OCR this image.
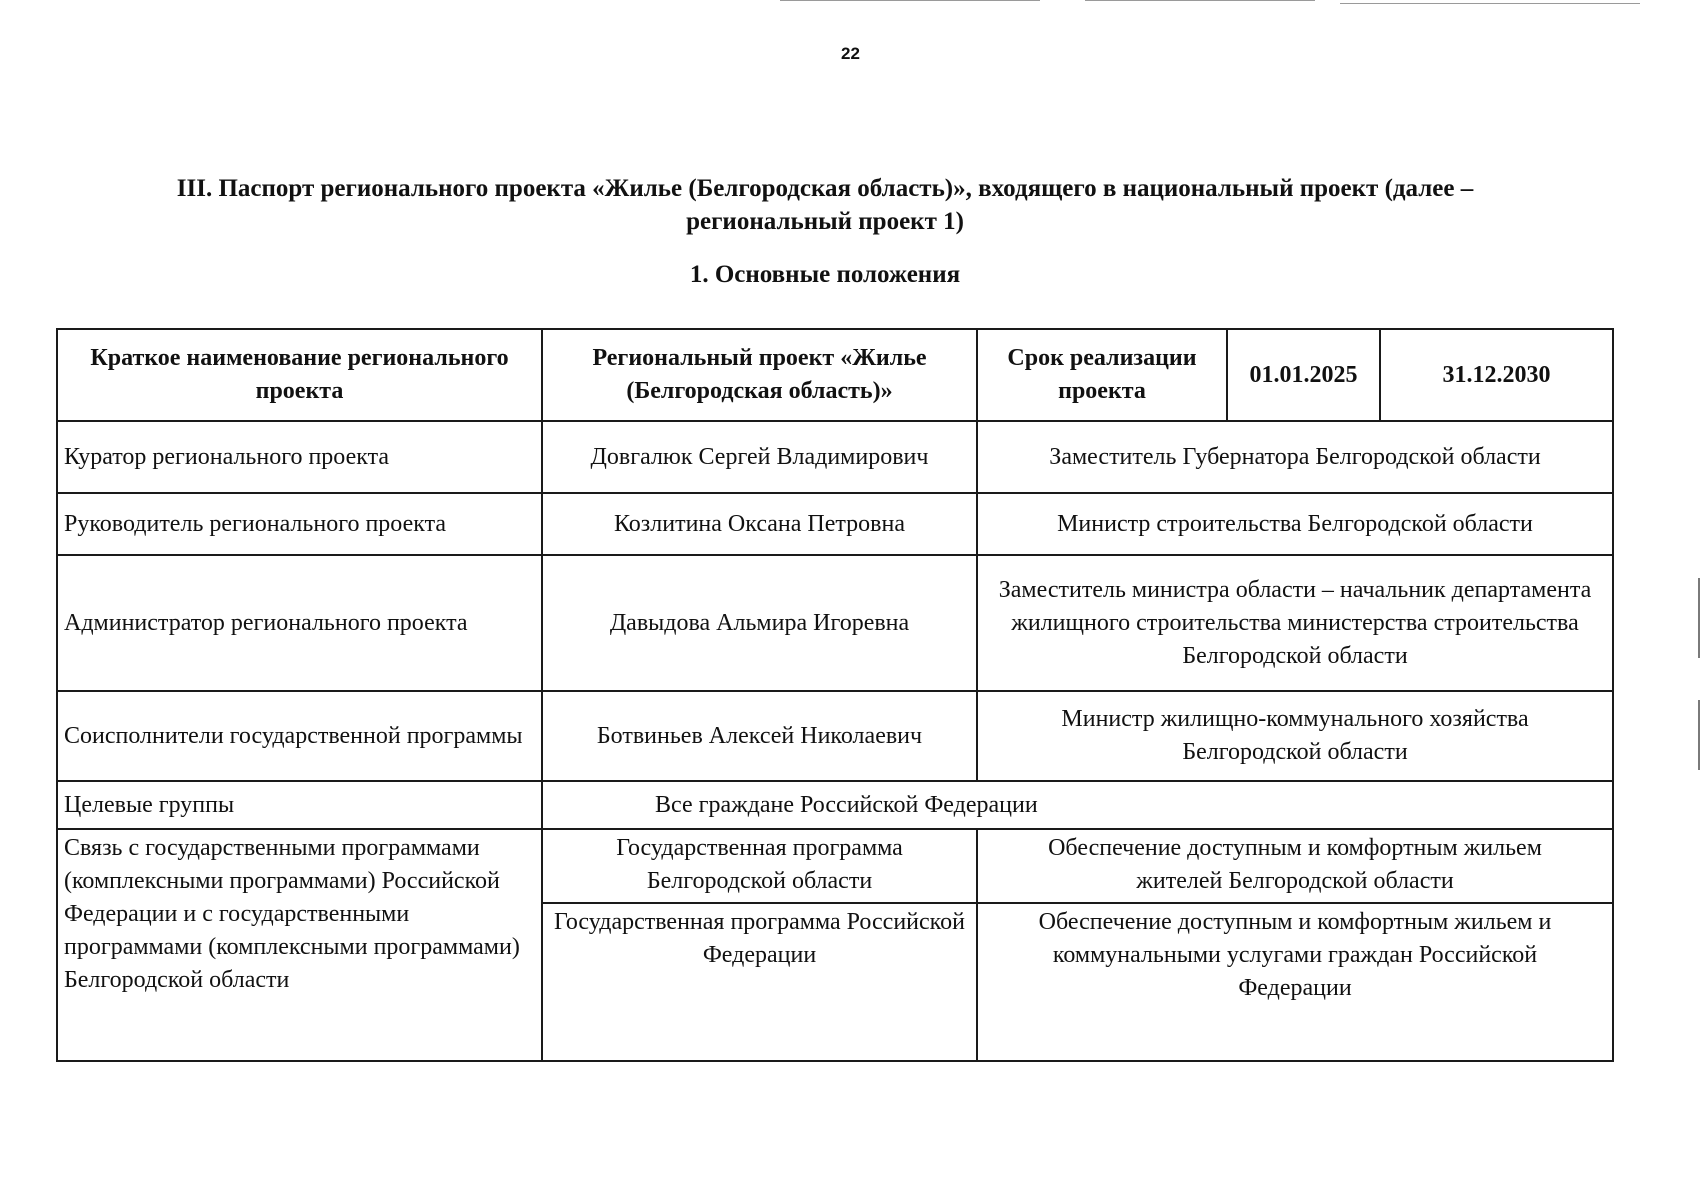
22
III. Паспорт регионального проекта «Жилье (Белгородская область)», входящего в национальный проект (далее – региональный проект 1)
1. Основные положения
Краткое наименование регионального проекта	Региональный проект «Жилье (Белгородская область)»	Срок реализации проекта	01.01.2025	31.12.2030
Куратор регионального проекта	Довгалюк Сергей Владимирович	Заместитель Губернатора Белгородской области		
Руководитель регионального проекта	Козлитина Оксана Петровна	Министр строительства Белгородской области		
Администратор регионального проекта	Давыдова Альмира Игоревна	Заместитель министра области – начальник департамента жилищного строительства министерства строительства Белгородской области		
Соисполнители государственной программы	Ботвиньев Алексей Николаевич	Министр жилищно-коммунального хозяйства Белгородской области		
Целевые группы	Все граждане Российской Федерации			
Связь с государственными программами (комплексными программами) Российской Федерации и с государственными программами (комплексными программами) Белгородской области	Государственная программа Белгородской области	Обеспечение доступным и комфортным жильем жителей Белгородской области		
	Государственная программа Российской Федерации	Обеспечение доступным и комфортным жильем и коммунальными услугами граждан Российской Федерации		
